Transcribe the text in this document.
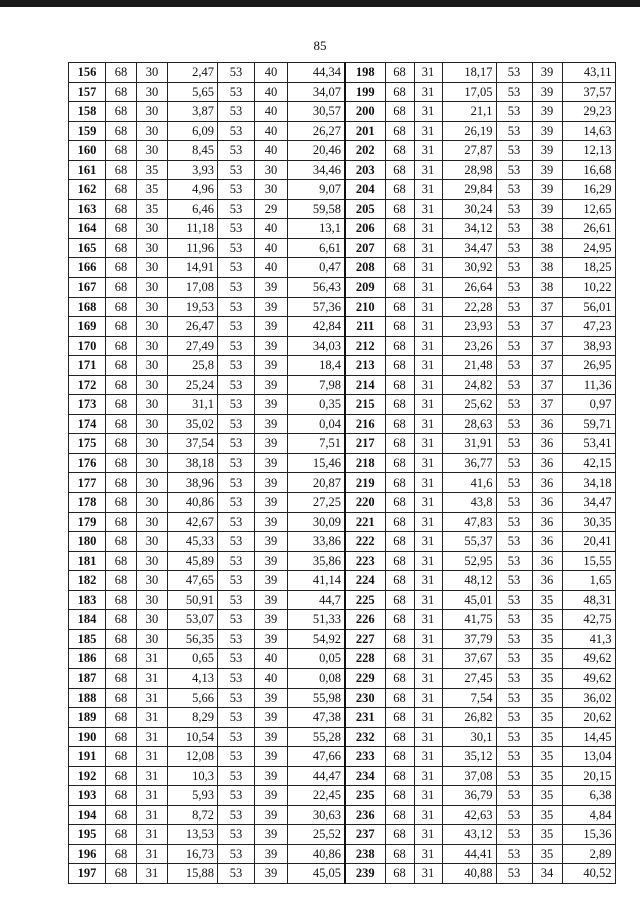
85
156	68	30	2,47	53	40	44,34
157	68	30	5,65	53	40	34,07
158	68	30	3,87	53	40	30,57
159	68	30	6,09	53	40	26,27
160	68	30	8,45	53	40	20,46
161	68	35	3,93	53	30	34,46
162	68	35	4,96	53	30	9,07
163	68	35	6,46	53	29	59,58
164	68	30	11,18	53	40	13,1
165	68	30	11,96	53	40	6,61
166	68	30	14,91	53	40	0,47
167	68	30	17,08	53	39	56,43
168	68	30	19,53	53	39	57,36
169	68	30	26,47	53	39	42,84
170	68	30	27,49	53	39	34,03
171	68	30	25,8	53	39	18,4
172	68	30	25,24	53	39	7,98
173	68	30	31,1	53	39	0,35
174	68	30	35,02	53	39	0,04
175	68	30	37,54	53	39	7,51
176	68	30	38,18	53	39	15,46
177	68	30	38,96	53	39	20,87
178	68	30	40,86	53	39	27,25
179	68	30	42,67	53	39	30,09
180	68	30	45,33	53	39	33,86
181	68	30	45,89	53	39	35,86
182	68	30	47,65	53	39	41,14
183	68	30	50,91	53	39	44,7
184	68	30	53,07	53	39	51,33
185	68	30	56,35	53	39	54,92
186	68	31	0,65	53	40	0,05
187	68	31	4,13	53	40	0,08
188	68	31	5,66	53	39	55,98
189	68	31	8,29	53	39	47,38
190	68	31	10,54	53	39	55,28
191	68	31	12,08	53	39	47,66
192	68	31	10,3	53	39	44,47
193	68	31	5,93	53	39	22,45
194	68	31	8,72	53	39	30,63
195	68	31	13,53	53	39	25,52
196	68	31	16,73	53	39	40,86
197	68	31	15,88	53	39	45,05
198	68	31	18,17	53	39	43,11
199	68	31	17,05	53	39	37,57
200	68	31	21,1	53	39	29,23
201	68	31	26,19	53	39	14,63
202	68	31	27,87	53	39	12,13
203	68	31	28,98	53	39	16,68
204	68	31	29,84	53	39	16,29
205	68	31	30,24	53	39	12,65
206	68	31	34,12	53	38	26,61
207	68	31	34,47	53	38	24,95
208	68	31	30,92	53	38	18,25
209	68	31	26,64	53	38	10,22
210	68	31	22,28	53	37	56,01
211	68	31	23,93	53	37	47,23
212	68	31	23,26	53	37	38,93
213	68	31	21,48	53	37	26,95
214	68	31	24,82	53	37	11,36
215	68	31	25,62	53	37	0,97
216	68	31	28,63	53	36	59,71
217	68	31	31,91	53	36	53,41
218	68	31	36,77	53	36	42,15
219	68	31	41,6	53	36	34,18
220	68	31	43,8	53	36	34,47
221	68	31	47,83	53	36	30,35
222	68	31	55,37	53	36	20,41
223	68	31	52,95	53	36	15,55
224	68	31	48,12	53	36	1,65
225	68	31	45,01	53	35	48,31
226	68	31	41,75	53	35	42,75
227	68	31	37,79	53	35	41,3
228	68	31	37,67	53	35	49,62
229	68	31	27,45	53	35	49,62
230	68	31	7,54	53	35	36,02
231	68	31	26,82	53	35	20,62
232	68	31	30,1	53	35	14,45
233	68	31	35,12	53	35	13,04
234	68	31	37,08	53	35	20,15
235	68	31	36,79	53	35	6,38
236	68	31	42,63	53	35	4,84
237	68	31	43,12	53	35	15,36
238	68	31	44,41	53	35	2,89
239	68	31	40,88	53	34	40,52
